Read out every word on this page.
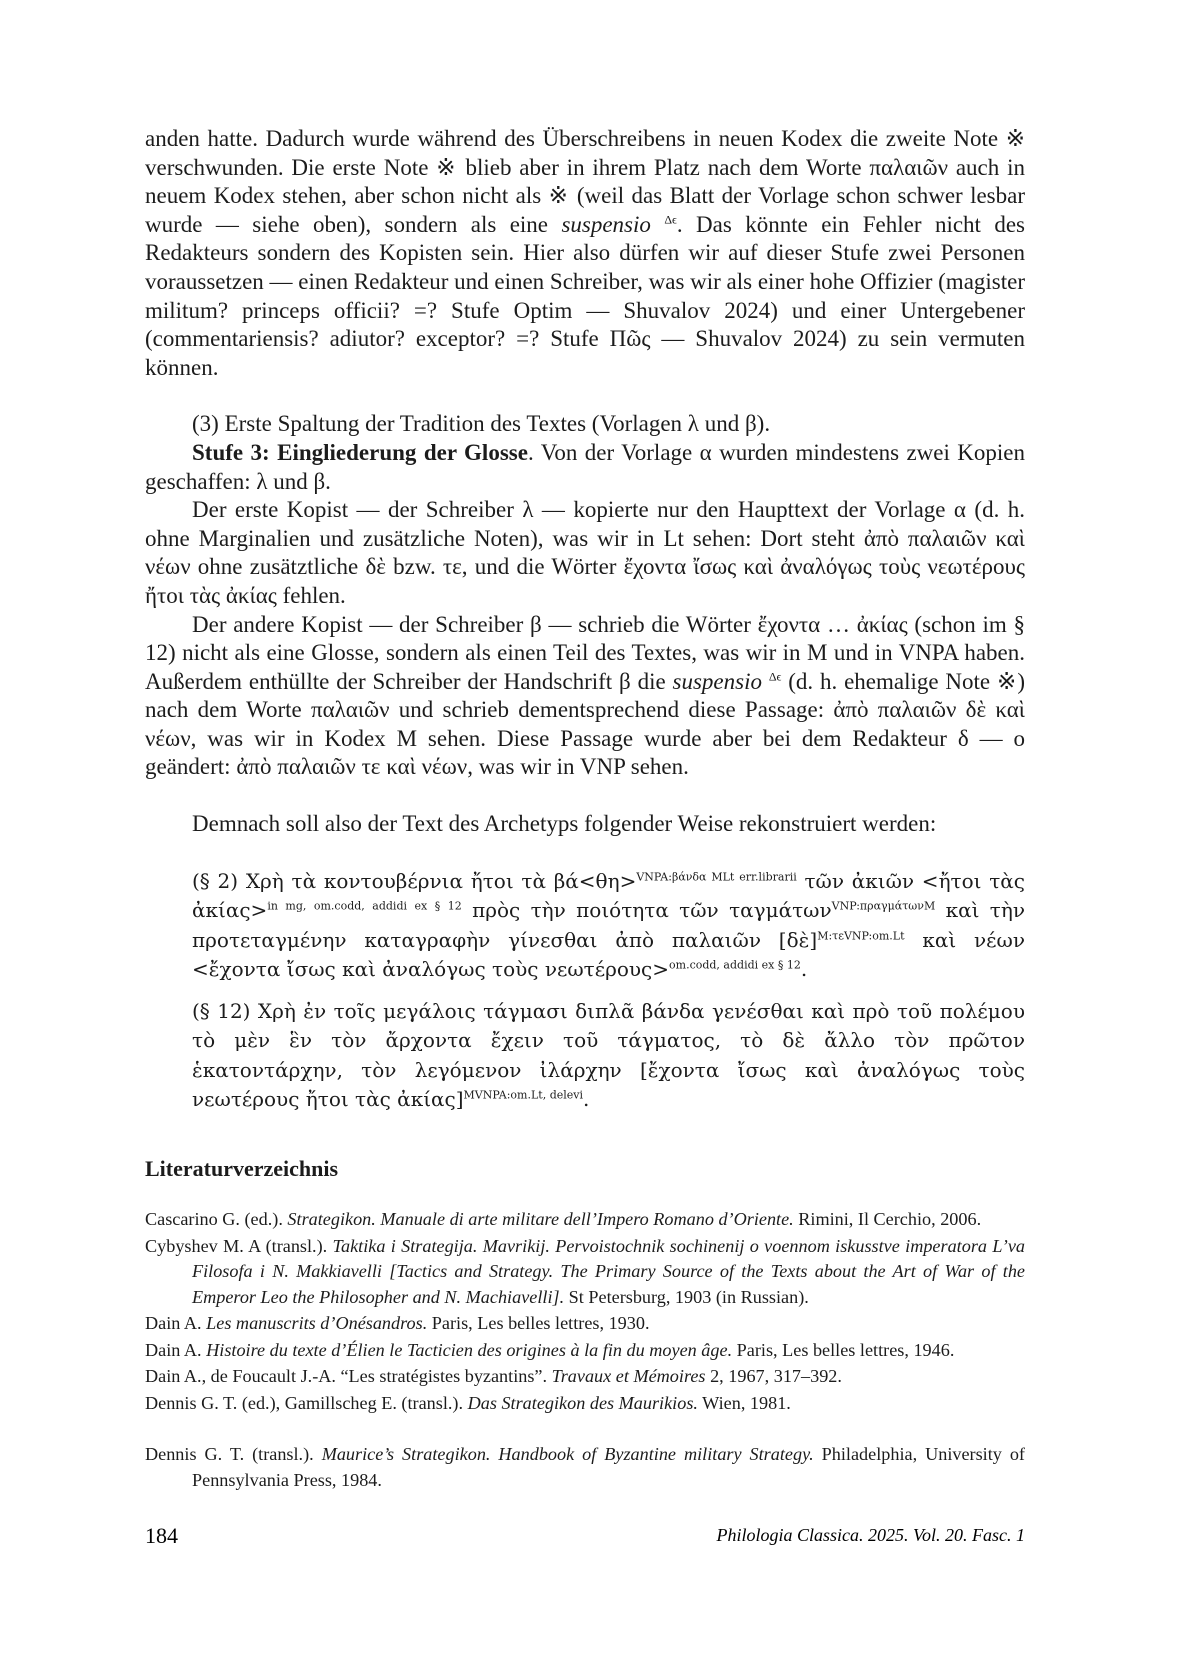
anden hatte. Dadurch wurde während des Überschreibens in neuen Kodex die zweite Note ※ verschwunden. Die erste Note ※ blieb aber in ihrem Platz nach dem Worte παλαιῶν auch in neuem Kodex stehen, aber schon nicht als ※ (weil das Blatt der Vorlage schon schwer lesbar wurde — siehe oben), sondern als eine suspensio $^{\Delta\epsilon}$. Das könnte ein Fehler nicht des Redakteurs sondern des Kopisten sein. Hier also dürfen wir auf dieser Stufe zwei Personen voraussetzen — einen Redakteur und einen Schreiber, was wir als einer hohe Offizier (magister militum? princeps officii? =? Stufe Optim — Shuvalov 2024) und einer Untergebener (commentariensis? adiutor? exceptor? =? Stufe Πῶς — Shuvalov 2024) zu sein vermuten können.

(3) Erste Spaltung der Tradition des Textes (Vorlagen λ und β).

Stufe 3: Eingliederung der Glosse. Von der Vorlage α wurden mindestens zwei Kopien geschaffen: λ und β.

Der erste Kopist — der Schreiber λ — kopierte nur den Haupttext der Vorlage α (d. h. ohne Marginalien und zusätzliche Noten), was wir in Lt sehen: Dort steht ἀπὸ παλαιῶν καὶ νέων ohne zusätztliche δὲ bzw. τε, und die Wörter ἔχοντα ἴσως καὶ ἀναλόγως τοὺς νεωτέρους ἤτοι τὰς ἀκίας fehlen.

Der andere Kopist — der Schreiber β — schrieb die Wörter ἔχοντα … ἀκίας (schon im § 12) nicht als eine Glosse, sondern als einen Teil des Textes, was wir in M und in VNPA haben. Außerdem enthüllte der Schreiber der Handschrift β die suspensio $^{\Delta\epsilon}$ (d. h. ehemalige Note ※) nach dem Worte παλαιῶν und schrieb dementsprechend diese Passage: ἀπὸ παλαιῶν δὲ καὶ νέων, was wir in Kodex M sehen. Diese Passage wurde aber bei dem Redakteur δ — ο geändert: ἀπὸ παλαιῶν τε καὶ νέων, was wir in VNP sehen.

Demnach soll also der Text des Archetyps folgender Weise rekonstruiert werden:

(§ 2) Χρὴ τὰ κοντουβέρνια ἤτοι τὰ βά<θη>$^{VNPA:\beta ά\nu\delta\alpha MLt err.librarii}$ τῶν ἀκιῶν <ἤτοι τὰς ἀκίας>$^{in mg, om.codd, addidi ex \S 12}$ πρὸς τὴν ποιότητα τῶν ταγμάτων$^{VNP:\pi\rho\alpha\gamma\mu ά\tau\omega\nu M}$ καὶ τὴν προτεταγμένην καταγραφὴν γίνεσθαι ἀπὸ παλαιῶν [δὲ]$^{M:\tau\varepsilon VNP:om.Lt}$ καὶ νέων <ἔχοντα ἴσως καὶ ἀναλόγως τοὺς νεωτέρους>$^{om.codd, addidi ex \S 12}$.

(§ 12) Χρὴ ἐν τοῖς μεγάλοις τάγμασι διπλᾶ βάνδα γενέσθαι καὶ πρὸ τοῦ πολέμου τὸ μὲν ἓν τὸν ἄρχοντα ἔχειν τοῦ τάγματος, τὸ δὲ ἄλλο τὸν πρῶτον ἑκατοντάρχην, τὸν λεγόμενον ἰλάρχην [ἔχοντα ἴσως καὶ ἀναλόγως τοὺς νεωτέρους ἤτοι τὰς ἀκίας]$^{MVNPA:om.Lt, delevi}$.

Literaturverzeichnis

Cascarino G. (ed.). Strategikon. Manuale di arte militare dell’Impero Romano d’Oriente. Rimini, Il Cerchio, 2006.

Cybyshev M. A (transl.). Taktika i Strategija. Mavrikij. Pervoistochnik sochinenij o voennom iskusstve imperatora L’va Filosofa i N. Makkiavelli [Tactics and Strategy. The Primary Source of the Texts about the Art of War of the Emperor Leo the Philosopher and N. Machiavelli]. St Petersburg, 1903 (in Russian).

Dain A. Les manuscrits d’Onésandros. Paris, Les belles lettres, 1930.

Dain A. Histoire du texte d’Élien le Tacticien des origines à la fin du moyen âge. Paris, Les belles lettres, 1946.

Dain A., de Foucault J.-A. “Les stratégistes byzantins”. Travaux et Mémoires 2, 1967, 317–392.

Dennis G. T. (ed.), Gamillscheg E. (transl.). Das Strategikon des Maurikios. Wien, 1981.

Dennis G. T. (transl.). Maurice’s Strategikon. Handbook of Byzantine military Strategy. Philadelphia, University of Pennsylvania Press, 1984.

184	Philologia Classica. 2025. Vol. 20. Fasc. 1
